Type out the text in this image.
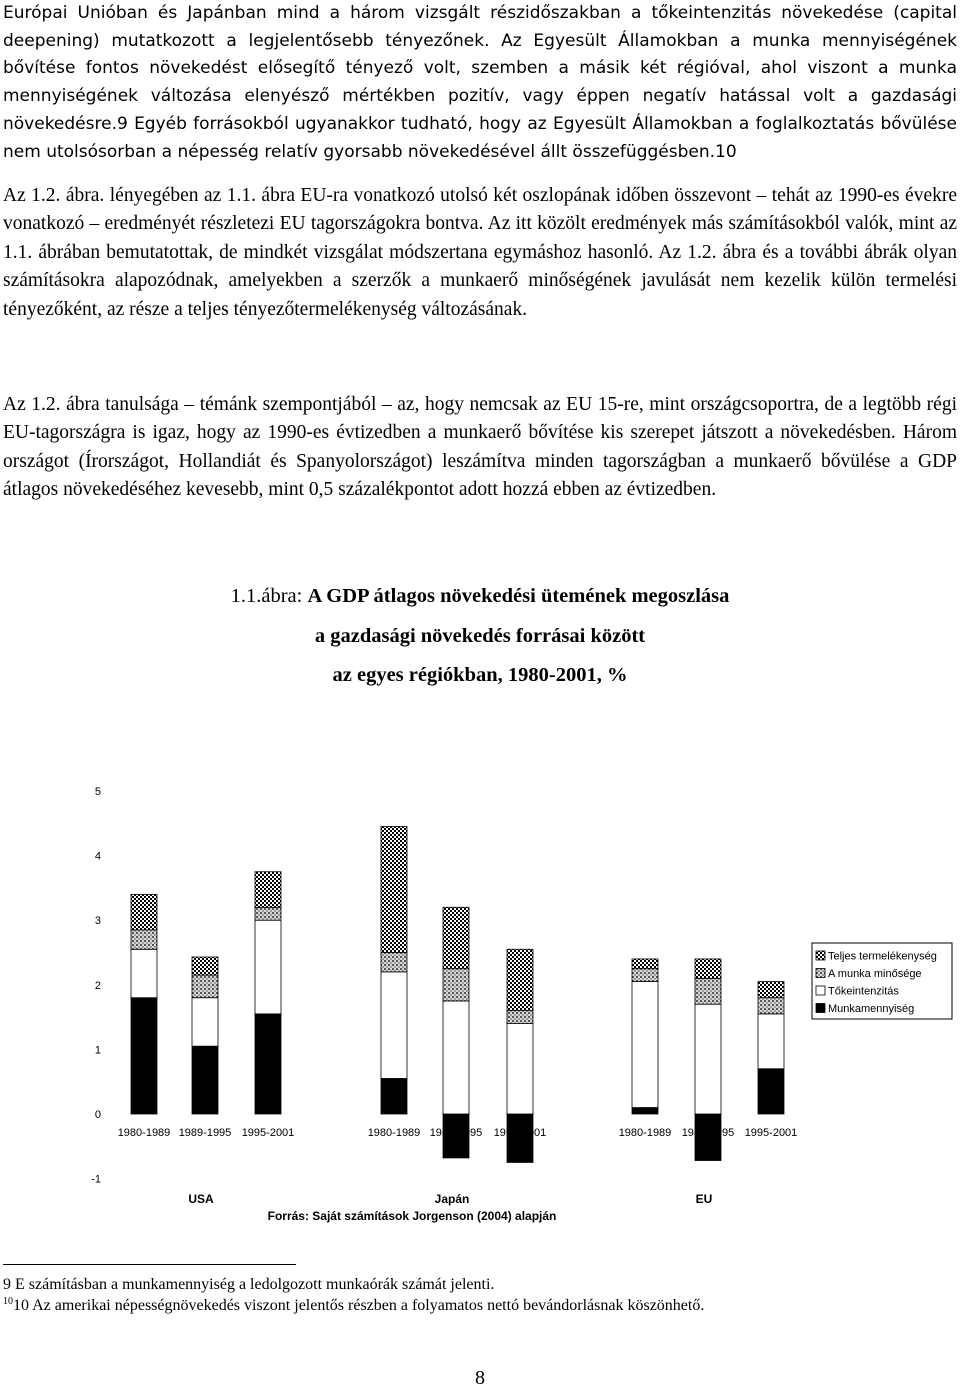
Európai Unióban és Japánban mind a három vizsgált részidőszakban a tőkeintenzitás növekedése (capital deepening) mutatkozott a legjelentősebb tényezőnek. Az Egyesült Államokban a munka mennyiségének bővítése fontos növekedést elősegítő tényező volt, szemben a másik két régióval, ahol viszont a munka mennyiségének változása elenyésző mértékben pozitív, vagy éppen negatív hatással volt a gazdasági növekedésre.9 Egyéb forrásokból ugyanakkor tudható, hogy az Egyesült Államokban a foglalkoztatás bővülése nem utolsósorban a népesség relatív gyorsabb növekedésével állt összefüggésben.10

Az 1.2. ábra. lényegében az 1.1. ábra EU-ra vonatkozó utolsó két oszlopának időben összevont – tehát az 1990-es évekre vonatkozó – eredményét részletezi EU tagországokra bontva. Az itt közölt eredmények más számításokból valók, mint az 1.1. ábrában bemutatottak, de mindkét vizsgálat módszertana egymáshoz hasonló. Az 1.2. ábra és a további ábrák olyan számításokra alapozódnak, amelyekben a szerzők a munkaerő minőségének javulását nem kezelik külön termelési tényezőként, az része a teljes tényezőtermelékenység változásának.

Az 1.2. ábra tanulsága – témánk szempontjából – az, hogy nemcsak az EU 15-re, mint országcsoportra, de a legtöbb régi EU-tagországra is igaz, hogy az 1990-es évtizedben a munkaerő bővítése kis szerepet játszott a növekedésben. Három országot (Írországot, Hollandiát és Spanyolországot) leszámítva minden tagországban a munkaerő bővülése a GDP átlagos növekedéséhez kevesebb, mint 0,5 százalékpontot adott hozzá ebben az évtizedben.

1.1.ábra: A GDP átlagos növekedési ütemének megoszlása
a gazdasági növekedés forrásai között
az egyes régiókban, 1980-2001, %
5
4
3
2
1
0
-1
1980-1989 1989-1995 1995-2001	1980-1989 1989-1995 1995-2001	1980-1989 1989-1995 1995-2001
USA	Japán	EU
Teljes termelékenység
A munka minősége
Tőkeintenzitás
Munkamennyiség
Forrás: Saját számítások Jorgenson (2004) alapján
9 E számításban a munkamennyiség a ledolgozott munkaórák számát jelenti.
$^{10}$10 Az amerikai népességnövekedés viszont jelentős részben a folyamatos nettó bevándorlásnak köszönhető.
8
